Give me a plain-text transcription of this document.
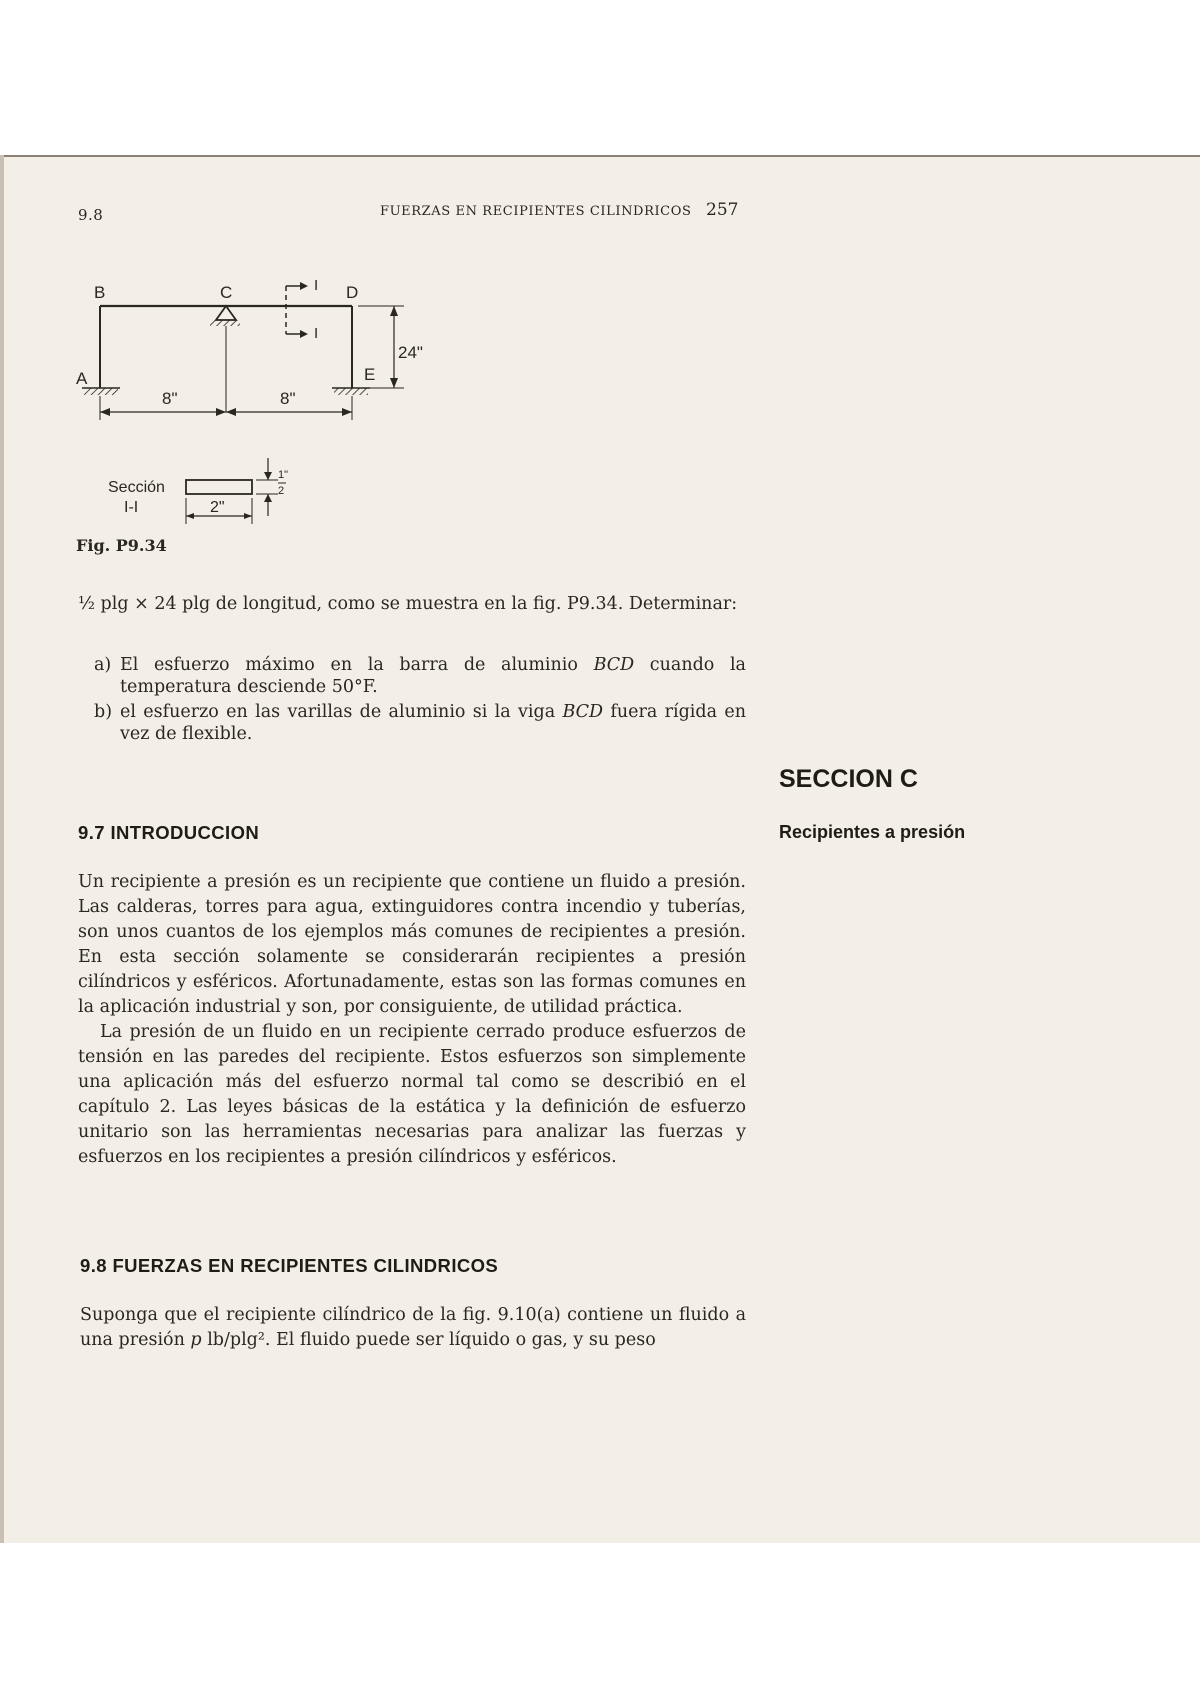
9.8	FUERZAS EN RECIPIENTES CILINDRICOS 257
B	C	D
A	E
I
I
24"
8"	8"
Sección
I-I	2"
1"
2
Fig. P9.34
½ plg × 24 plg de longitud, como se muestra en la fig. P9.34. Determinar:
a) El esfuerzo máximo en la barra de aluminio BCD cuando la temperatura desciende 50°F.
b) el esfuerzo en las varillas de aluminio si la viga BCD fuera rígida en vez de flexible.
SECCION C
Recipientes a presión
9.7 INTRODUCCION
Un recipiente a presión es un recipiente que contiene un fluido a presión. Las calderas, torres para agua, extinguidores contra incendio y tuberías, son unos cuantos de los ejemplos más comunes de recipientes a presión. En esta sección solamente se considerarán recipientes a presión cilíndricos y esféricos. Afortunadamente, estas son las formas comunes en la aplicación industrial y son, por consiguiente, de utilidad práctica.
La presión de un fluido en un recipiente cerrado produce esfuerzos de tensión en las paredes del recipiente. Estos esfuerzos son simplemente una aplicación más del esfuerzo normal tal como se describió en el capítulo 2. Las leyes básicas de la estática y la definición de esfuerzo unitario son las herramientas necesarias para analizar las fuerzas y esfuerzos en los recipientes a presión cilíndricos y esféricos.
9.8 FUERZAS EN RECIPIENTES CILINDRICOS
Suponga que el recipiente cilíndrico de la fig. 9.10(a) contiene un fluido a una presión p lb/plg². El fluido puede ser líquido o gas, y su peso
